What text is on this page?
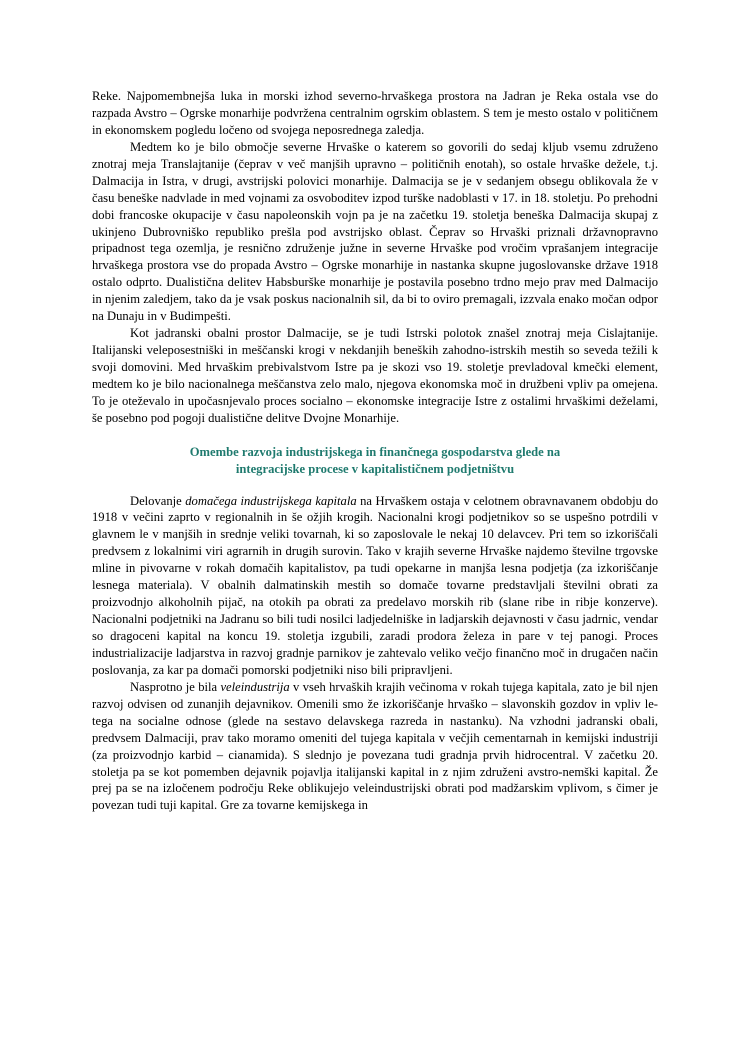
Reke. Najpomembnejša luka in morski izhod severno-hrvaškega prostora na Jadran je Reka ostala vse do razpada Avstro – Ogrske monarhije podvržena centralnim ogrskim oblastem. S tem je mesto ostalo v političnem in ekonomskem pogledu ločeno od svojega neposrednega zaledja.

Medtem ko je bilo območje severne Hrvaške o katerem so govorili do sedaj kljub vsemu združeno znotraj meja Translajtanije (čeprav v več manjših upravno – političnih enotah), so ostale hrvaške dežele, t.j. Dalmacija in Istra, v drugi, avstrijski polovici monarhije. Dalmacija se je v sedanjem obsegu oblikovala že v času beneške nadvlade in med vojnami za osvoboditev izpod turške nadoblasti v 17. in 18. stoletju. Po prehodni dobi francoske okupacije v času napoleonskih vojn pa je na začetku 19. stoletja beneška Dalmacija skupaj z ukinjeno Dubrovniško republiko prešla pod avstrijsko oblast. Čeprav so Hrvaški priznali državnopravno pripadnost tega ozemlja, je resnično združenje južne in severne Hrvaške pod vročim vprašanjem integracije hrvaškega prostora vse do propada Avstro – Ogrske monarhije in nastanka skupne jugoslovanske države 1918 ostalo odprto. Dualistična delitev Habsburške monarhije je postavila posebno trdno mejo prav med Dalmacijo in njenim zaledjem, tako da je vsak poskus nacionalnih sil, da bi to oviro premagali, izzvala enako močan odpor na Dunaju in v Budimpešti.

Kot jadranski obalni prostor Dalmacije, se je tudi Istrski polotok znašel znotraj meja Cislajtanije. Italijanski veleposestniški in meščanski krogi v nekdanjih beneških zahodno-istrskih mestih so seveda težili k svoji domovini. Med hrvaškim prebivalstvom Istre pa je skozi vso 19. stoletje prevladoval kmečki element, medtem ko je bilo nacionalnega meščanstva zelo malo, njegova ekonomska moč in družbeni vpliv pa omejena. To je oteževalo in upočasnjevalo proces socialno – ekonomske integracije Istre z ostalimi hrvaškimi deželami, še posebno pod pogoji dualistične delitve Dvojne Monarhije.

Omembe razvoja industrijskega in finančnega gospodarstva glede na
integracijske procese v kapitalističnem podjetništvu

Delovanje domačega industrijskega kapitala na Hrvaškem ostaja v celotnem obravnavanem obdobju do 1918 v večini zaprto v regionalnih in še ožjih krogih. Nacionalni krogi podjetnikov so se uspešno potrdili v glavnem le v manjših in srednje veliki tovarnah, ki so zaposlovale le nekaj 10 delavcev. Pri tem so izkoriščali predvsem z lokalnimi viri agrarnih in drugih surovin. Tako v krajih severne Hrvaške najdemo številne trgovske mline in pivovarne v rokah domačih kapitalistov, pa tudi opekarne in manjša lesna podjetja (za izkoriščanje lesnega materiala). V obalnih dalmatinskih mestih so domače tovarne predstavljali številni obrati za proizvodnjo alkoholnih pijač, na otokih pa obrati za predelavo morskih rib (slane ribe in ribje konzerve). Nacionalni podjetniki na Jadranu so bili tudi nosilci ladjedelniške in ladjarskih dejavnosti v času jadrnic, vendar so dragoceni kapital na koncu 19. stoletja izgubili, zaradi prodora železa in pare v tej panogi. Proces industrializacije ladjarstva in razvoj gradnje parnikov je zahtevalo veliko večjo finančno moč in drugačen način poslovanja, za kar pa domači pomorski podjetniki niso bili pripravljeni.

Nasprotno je bila veleindustrija v vseh hrvaških krajih večinoma v rokah tujega kapitala, zato je bil njen razvoj odvisen od zunanjih dejavnikov. Omenili smo že izkoriščanje hrvaško – slavonskih gozdov in vpliv le-tega na socialne odnose (glede na sestavo delavskega razreda in nastanku). Na vzhodni jadranski obali, predvsem Dalmaciji, prav tako moramo omeniti del tujega kapitala v večjih cementarnah in kemijski industriji (za proizvodnjo karbid – cianamida). S slednjo je povezana tudi gradnja prvih hidrocentral. V začetku 20. stoletja pa se kot pomemben dejavnik pojavlja italijanski kapital in z njim združeni avstro-nemški kapital. Že prej pa se na izločenem področju Reke oblikujejo veleindustrijski obrati pod madžarskim vplivom, s čimer je povezan tudi tuji kapital. Gre za tovarne kemijskega in
